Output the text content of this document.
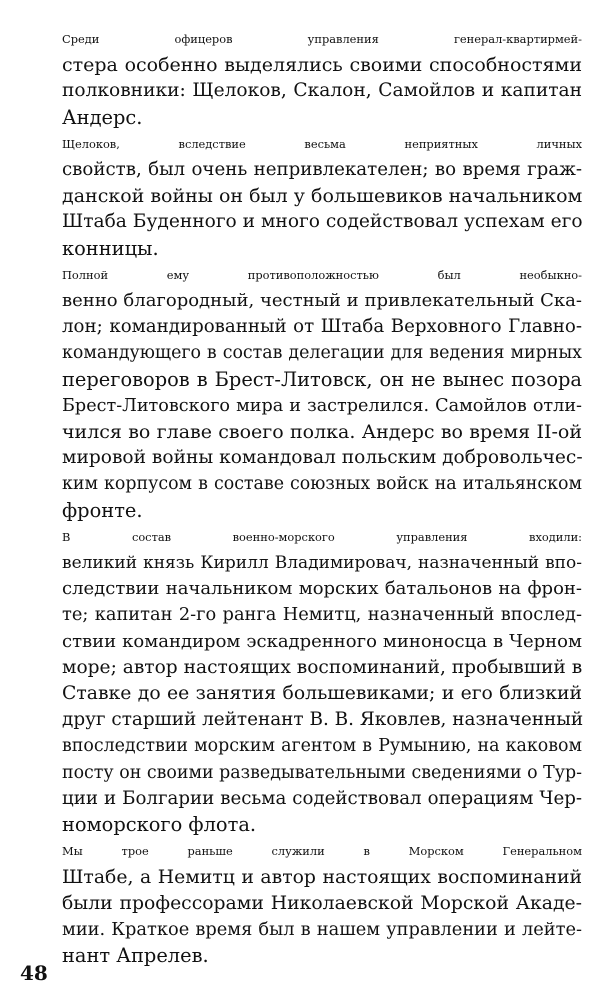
Среди офицеров управления генерал-квартирмей-
стера особенно выделялись своими способностями
полковники: Щелоков, Скалон, Самойлов и капитан
Андерс.
Щелоков, вследствие весьма неприятных личных
свойств, был очень непривлекателен; во время граж-
данской войны он был у большевиков начальником
Штаба Буденного и много содействовал успехам его
конницы.
Полной ему противоположностью был необыкно-
венно благородный, честный и привлекательный Ска-
лон; командированный от Штаба Верховного Главно-
командующего в состав делегации для ведения мирных
переговоров в Брест-Литовск, он не вынес позора
Брест-Литовского мира и застрелился. Самойлов отли-
чился во главе своего полка. Андерс во время II-ой
мировой войны командовал польским добровольчес-
ким корпусом в составе союзных войск на итальянском
фронте.
В состав военно-морского управления входили:
великий князь Кирилл Владимировач, назначенный впо-
следствии начальником морских батальонов на фрон-
те; капитан 2-го ранга Немитц, назначенный впослед-
ствии командиром эскадренного миноносца в Черном
море; автор настоящих воспоминаний, пробывший в
Ставке до ее занятия большевиками; и его близкий
друг старший лейтенант В. В. Яковлев, назначенный
впоследствии морским агентом в Румынию, на каковом
посту он своими разведывательными сведениями о Тур-
ции и Болгарии весьма содействовал операциям Чер-
номорского флота.
Мы трое раньше служили в Морском Генеральном
Штабе, а Немитц и автор настоящих воспоминаний
были профессорами Николаевской Морской Акаде-
мии. Краткое время был в нашем управлении и лейте-
нант Апрелев.
48
